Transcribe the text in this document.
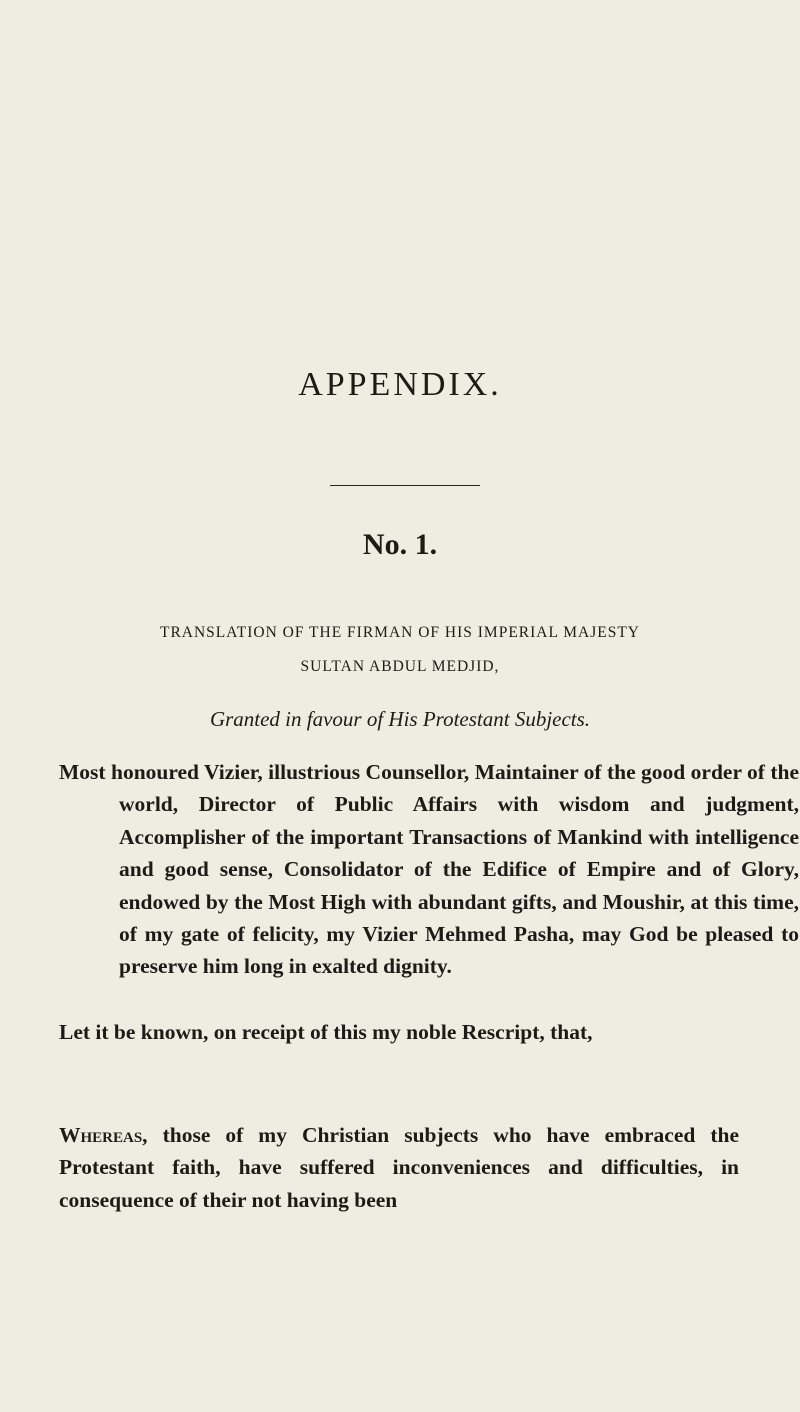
APPENDIX.
No. 1.

TRANSLATION OF THE FIRMAN OF HIS IMPERIAL MAJESTY

SULTAN ABDUL MEDJID,

Granted in favour of His Protestant Subjects.

Most honoured Vizier, illustrious Counsellor, Maintainer of the good order of the world, Director of Public Affairs with wisdom and judgment, Accomplisher of the important Transactions of Mankind with intelligence and good sense, Consolidator of the Edifice of Empire and of Glory, endowed by the Most High with abundant gifts, and Moushir, at this time, of my gate of felicity, my Vizier Mehmed Pasha, may God be pleased to preserve him long in exalted dignity.

Let it be known, on receipt of this my noble Rescript, that,

Whereas, those of my Christian subjects who have embraced the Protestant faith, have suffered inconveniences and difficulties, in consequence of their not having been
